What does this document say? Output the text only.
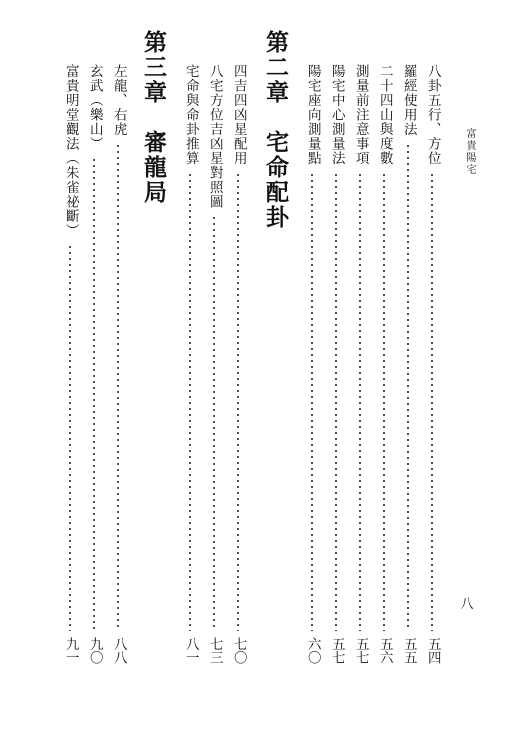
富貴陽宅
八
八卦五行、方位
五四
羅經使用法
五五
二十四山與度數
五六
測量前注意事項
五七
陽宅中心測量法
五七
陽宅座向測量點
六〇
第二章　宅命配卦
四吉四凶星配用
七〇
八宅方位吉凶星對照圖
七三
宅命與命卦推算
八一
第三章　審龍局
左龍、右虎
八八
玄武（樂山）
九〇
富貴明堂觀法（朱雀祕斷）
九一
